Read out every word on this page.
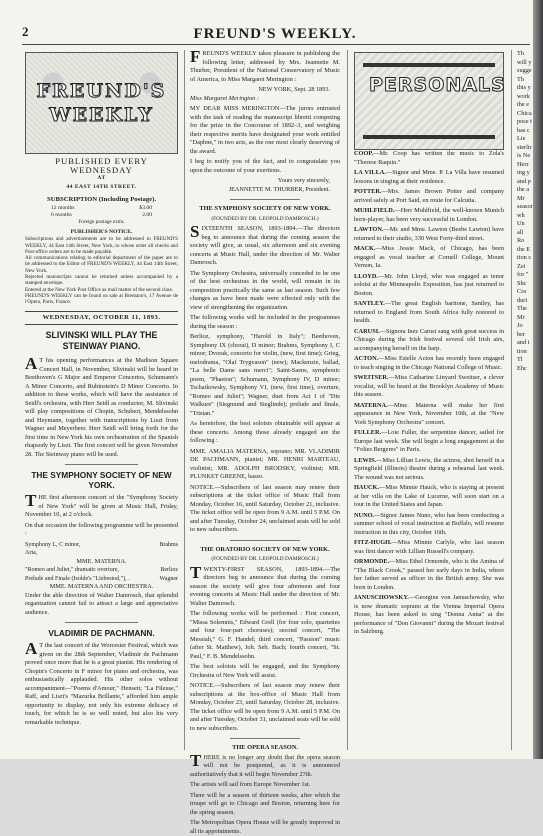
2	FREUND'S WEEKLY.
FREUND'S
WEEKLY
PUBLISHED EVERY WEDNESDAY
AT
44 EAST 14TH STREET.
SUBSCRIPTION (Including Postage).
12 months	$3.00
6 months	2.00
Foreign postage extra.
PUBLISHER'S NOTICE.
Subscriptions and advertisements are to be addressed to FREUND'S WEEKLY, 44 East 14th Street, New York, to whose order all checks and Post-office orders are to be made payable.
All communications relating to editorial department of the paper are to be addressed to the Editor of FREUND'S WEEKLY, 44 East 14th Street, New York.
Rejected manuscripts cannot be returned unless accompanied by a stamped envelope.
Entered at the New York Post Office as mail matter of the second class.
FREUND'S WEEKLY can be found on sale at Brentano's, 17 Avenue de l'Opera, Paris, France.
WEDNESDAY, OCTOBER 11, 1893.
SLIVINSKI WILL PLAY THE STEINWAY PIANO.
A T his opening performances at the Madison Square Concert Hall, in November, Slivinski will be heard in Beethoven's G Major and Emperor Concertos, Schumann's A Minor Concerto, and Rubinstein's D Minor Concerto. In addition to these works, which will have the assistance of Seidl's orchestra, with Herr Seidl as conductor, M. Slivinski will play compositions of Chopin, Schubert, Mendelssohn and Heymann, together with transcriptions by Liszt from Wagner and Meyerbeer. Herr Seidl will bring forth for the first time in New York his own orchestration of the Spanish rhapsody by Liszt. The first concert will be given November 28. The Steinway piano will be used.
THE SYMPHONY SOCIETY OF NEW YORK.
THE first afternoon concert of the "Symphony Society of New York" will be given at Music Hall, Friday, November 10, at 2 o'clock.
On that occasion the following programme will be presented :
Symphony L, C minor,	Brahms
Aria,
MME. MATERNA.
"Romeo and Juliet," dramatic overture,	Berlioz
Prelude and Finale (Isolde's "Liebestod,"), .	Wagner
MME. MATERNA AND ORCHESTRA.
Under the able direction of Walter Damrosch, that splendid organization cannot fail to attract a large and appreciative audience.
VLADIMIR DE PACHMANN.
A T the last concert of the Worcester Festival, which was given on the 28th September, Vladimir de Pachmann proved once more that he is a great pianist. His rendering of Chopin's Concerto in F minor for piano and orchestra, was enthusiastically applauded. His other solos without accompaniment—"Poems d'Amour," Henseit; "La Fileuse," Raff, and Liszt's "Mazurka Brillante," afforded him ample opportunity to display, not only his extreme delicacy of touch, for which he is so well noted, but also his very remarkable technique.
FREUND'S WEEKLY takes pleasure in publishing the following letter, addressed by Mrs. Jeannette M. Thurber, President of the National Conservatory of Music of America, to Miss Margaret Merington :
NEW YORK, Sept. 28 1893.
Miss Margaret Merington :
MY DEAR MISS MERINGTON—The jurors entrusted with the task of reading the manuscript libretti competing for the prize in the Concourse of 1892–3, and weighing their respective merits have designated your work entitled "Daphne," in two acts, as the one most clearly deserving of the award.
I beg to notify you of the fact, and to congratulate you upon the outcome of your exertions.
Yours very sincerely,
JEANNETTE M. THURBER, President.
THE SYMPHONY SOCIETY OF NEW YORK.
(FOUNDED BY DR. LEOPOLD DAMROSCH.)
SIXTEENTH SEASON, 1893-1894.—The directors beg to announce that during the coming season the society will give, as usual, six afternoon and six evening concerts at Music Hall, under the direction of Mr. Walter Damrosch.
The Symphony Orchestra, universally conceded to be one of the best orchestras in the world, will remain in its composition practically the same as last season. Such few changes as have been made were effected only with the view of strengthening the organization.
The following works will be included in the programmes during the season :
Berlioz, symphony, "Harold in Italy"; Beethoven, Symphony IX (chorai), D minor; Brahms, Symphony I, C minor; Dvorak, concerto for violin, (new, first time); Grieg, melodrama, "Olaf Trygvason" (new); Mackenzie, ballad, "La belle Dame sans merci"; Saint-Saens, symphonic poem, "Phaeton"; Schumann, Symphony IV, D minor; Tschaikowsky, Symphony VI, (new, first time), overture, "Romeo and Juliet"; Wagner, duet from Act I of "Die Walkure" (Siegmund and Sieglinde); prelude and finale, "Tristan."
As heretofore, the best soloists obtainable will appear at these concerts. Among those already engaged are the following :
MME. AMALIA MATERNA, soprano; MR. VLADIMIR DE PACHMANN, pianist; MR. HENRI MARTEAU, violinist; MR. ADOLPH BRODSKY, violinist; MR. PLUNKET GREENE, basso.
NOTICE.—Subscribers of last season may renew their subscriptions at the ticket office of Music Hall from Monday, October 16, until Saturday, October 21, inclusive. The ticket office will be open from 9 A.M. until 5 P.M. On and after Tuesday, October 24, unclaimed seats will be sold to new subscribers.
THE ORATORIO SOCIETY OF NEW YORK.
(FOUNDED BY DR. LEOPOLD DAMROSCH.)
TWENTY-FIRST SEASON, 1893-1894.—The directors beg to announce that during the coming season the society will give four afternoon and four evening concerts at Music Hall under the direction of Mr. Walter Damrosch.
The following works will be performed : First concert, "Missa Solemnis," Edward Grell (for four solo, quartettes and four four-part choruses); second concert, "The Messiah," G. F. Handel; third concert, "Passion" music (after St. Matthew), Joh. Seb. Bach; fourth concert, "St. Paul," F. B. Mendelssohn.
The best soloists will be engaged, and the Symphony Orchestra of New York will assist.
NOTICE.—Subscribers of last season may renew their subscriptions at the box-office of Music Hall from Monday, October 23, until Saturday, October 28, inclusive. The ticket office will be open from 9 A.M. until 5 P.M. On and after Tuesday, October 31, unclaimed seats will be sold to new subscribers.
THE OPERA SEASON.
THERE is no longer any doubt that the opera season will not be postponed, as it is announced authoritatively that it will begin November 27th.
The artists will sail from Europe November 1st.
There will be a season of thirteen weeks, after which the troupe will go to Chicago and Boston, returning here for the spring season.
The Metropolitan Opera House will be greatly improved in all its appointments.
PERSONALS
COOP.—Mr. Coop has written the music to Zola's "Therese Raquin."
LA VILLA.—Signor and Mme. P. La Villa have resumed lessons in singing at their residence.
POTTER.—Mrs. James Brown Potter and company arrived safely at Port Said, en route for Calcutta.
MUHLFIELD.—Herr Muhlfield, the well-known Munich horn-player, has been very successful in London.
LAWTON.—Mr. and Mme. Lawton (Beebe Lawton) have returned to their studio, 330 West Forty-third street.
MACK.—Miss Jessie Mack, of Chicago, has been engaged as vocal teacher at Cornell College, Mount Vernon, Ia.
LLOYD.—Mr. John Lloyd, who was engaged as tenor soloist at the Minneapolis Exposition, has just returned to Boston.
SANTLEY.—The great English baritone, Santley, has returned to England from South Africa fully restored to health.
CARUSI.—Signora Inez Carusi sang with great success in Chicago during the Irish festival several old Irish airs, accompanying herself on the harp.
ACTON.—Miss Estelle Acton has recently been engaged to teach singing in the Chicago National College of Music.
SWEITSER.—Miss Catharine Linyard Sweitser, a clever vocalist, will be heard at the Brooklyn Academy of Music this season.
MATERNA.—Mme. Materna will make her first appearance in New York, November 10th, at the "New York Symphony Orchestra" concert.
FULLER.—Loie Fuller, the serpentine dancer, sailed for Europe last week. She will begin a long engagement at the "Folies Bergeres" in Paris.
LEWIS.—Miss Lillian Lewis, the actress, shot herself in a Springfield (Illinois) theatre during a rehearsal last week. The wound was not serious.
HAUCK.—Miss Minnie Hauck, who is staying at present at her villa on the Lake of Lucerne, will soon start on a tour in the United States and Japan.
NUNO.—Signor James Nuno, who has been conducting a summer school of vocal instruction at Buffalo, will resume instruction in this city, October 16th.
FITZ-HUGH.—Miss Minnie Carlyle, who last season was first dancer with Lillian Russell's company.
ORMONDE.—Miss Ethel Ormonde, who is the Amina of "The Black Crook," passed her early days in India, where her father served as officer in the British army. She was born in London.
JANUSCHOWSKY.—Georgine von Januschowsky, who is now dramatic soprano at the Vienna Imperial Opera House, has been asked to sing "Donna Anna" at the performance of "Don Giovanni" during the Mozart festival in Salzburg.
Th
will y
sugge
Th
this y
work
the e
Chica
pose t
has c
Lie
sterlir
is Ne
Herr
ing y
and p
the a
Mr
seasor
wh
Un
all
Ro
the E
tion c
Zei
for "
Shc
Cra
duri
The
Mr
Jo
ber
and t
tion
Tl
Ehc
